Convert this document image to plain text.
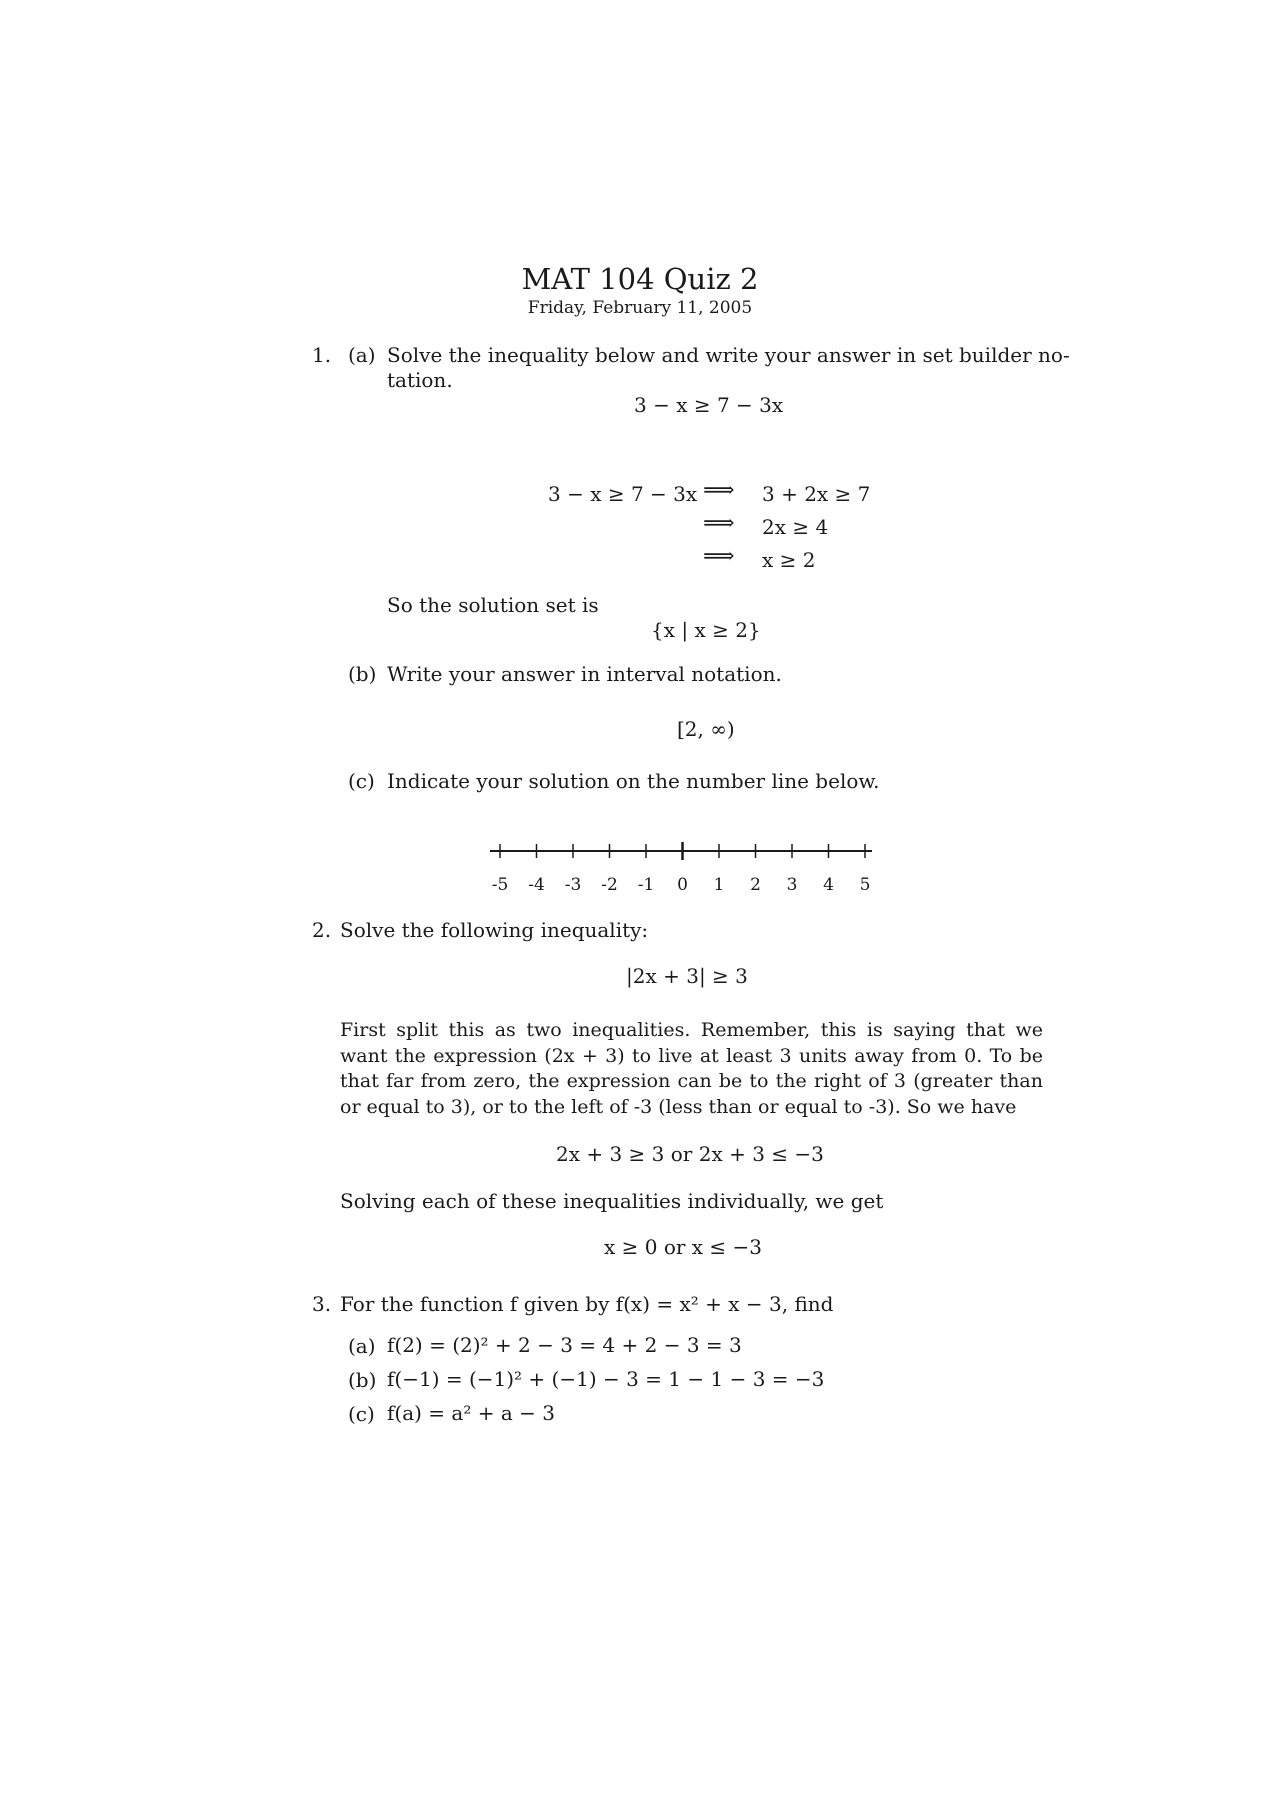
MAT 104 Quiz 2
Friday, February 11, 2005
1. (a) Solve the inequality below and write your answer in set builder no-
tation.
3 − x ≥ 7 − 3x
3 − x ≥ 7 − 3x ⟹
⟹
⟹
3 + 2x ≥ 7
2x ≥ 4
x ≥ 2
So the solution set is
{x | x ≥ 2}
(b) Write your answer in interval notation.
[2, ∞)
(c) Indicate your solution on the number line below.
-5 -4 -3 -2 -1 0 1 2 3 4 5
2. Solve the following inequality:
|2x + 3| ≥ 3
First split this as two inequalities. Remember, this is saying that we want the expression (2x + 3) to live at least 3 units away from 0. To be that far from zero, the expression can be to the right of 3 (greater than or equal to 3), or to the left of -3 (less than or equal to -3). So we have
2x + 3 ≥ 3 or 2x + 3 ≤ −3
Solving each of these inequalities individually, we get
x ≥ 0 or x ≤ −3
3. For the function f given by f(x) = x² + x − 3, find
(a) f(2) = (2)² + 2 − 3 = 4 + 2 − 3 = 3
(b) f(−1) = (−1)² + (−1) − 3 = 1 − 1 − 3 = −3
(c) f(a) = a² + a − 3
